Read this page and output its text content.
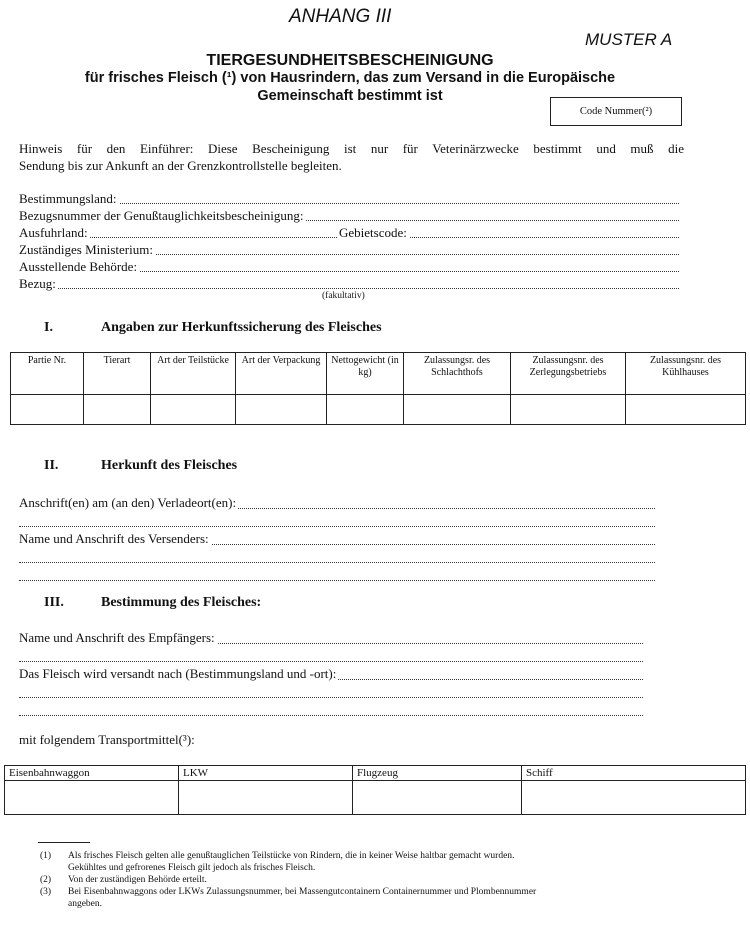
ANHANG III
MUSTER A
TIERGESUNDHEITSBESCHEINIGUNG
für frisches Fleisch (¹) von Hausrindern, das zum Versand in die Europäische
Gemeinschaft bestimmt ist
Code Nummer(²)
Hinweis für den Einführer: Diese Bescheinigung ist nur für Veterinärzwecke bestimmt und muß die
Sendung bis zur Ankunft an der Grenzkontrollstelle begleiten.
Bestimmungsland:
Bezugsnummer der Genußtauglichkeitsbescheinigung:
Ausfuhrland:	Gebietscode:
Zuständiges Ministerium:
Ausstellende Behörde:
Bezug:
(fakultativ)
I.	Angaben zur Herkunftssicherung des Fleisches
Partie Nr.	Tierart	Art der Teilstücke	Art der Verpackung	Nettogewicht (in kg)	Zulassungsr. des Schlachthofs	Zulassungsnr. des Zerlegungsbetriebs	Zulassungsnr. des Kühlhauses

II.	Herkunft des Fleisches
Anschrift(en) am (an den) Verladeort(en):
Name und Anschrift des Versenders:
III.	Bestimmung des Fleisches:
Name und Anschrift des Empfängers:
Das Fleisch wird versandt nach (Bestimmungsland und -ort):
mit folgendem Transportmittel(³):
Eisenbahnwaggon	LKW	Flugzeug	Schiff

(1)	Als frisches Fleisch gelten alle genußtauglichen Teilstücke von Rindern, die in keiner Weise haltbar gemacht wurden.
Gekühltes und gefrorenes Fleisch gilt jedoch als frisches Fleisch.
(2)	Von der zuständigen Behörde erteilt.
(3)	Bei Eisenbahnwaggons oder LKWs Zulassungsnummer, bei Massengutcontainern Containernummer und Plombennummer
angeben.
